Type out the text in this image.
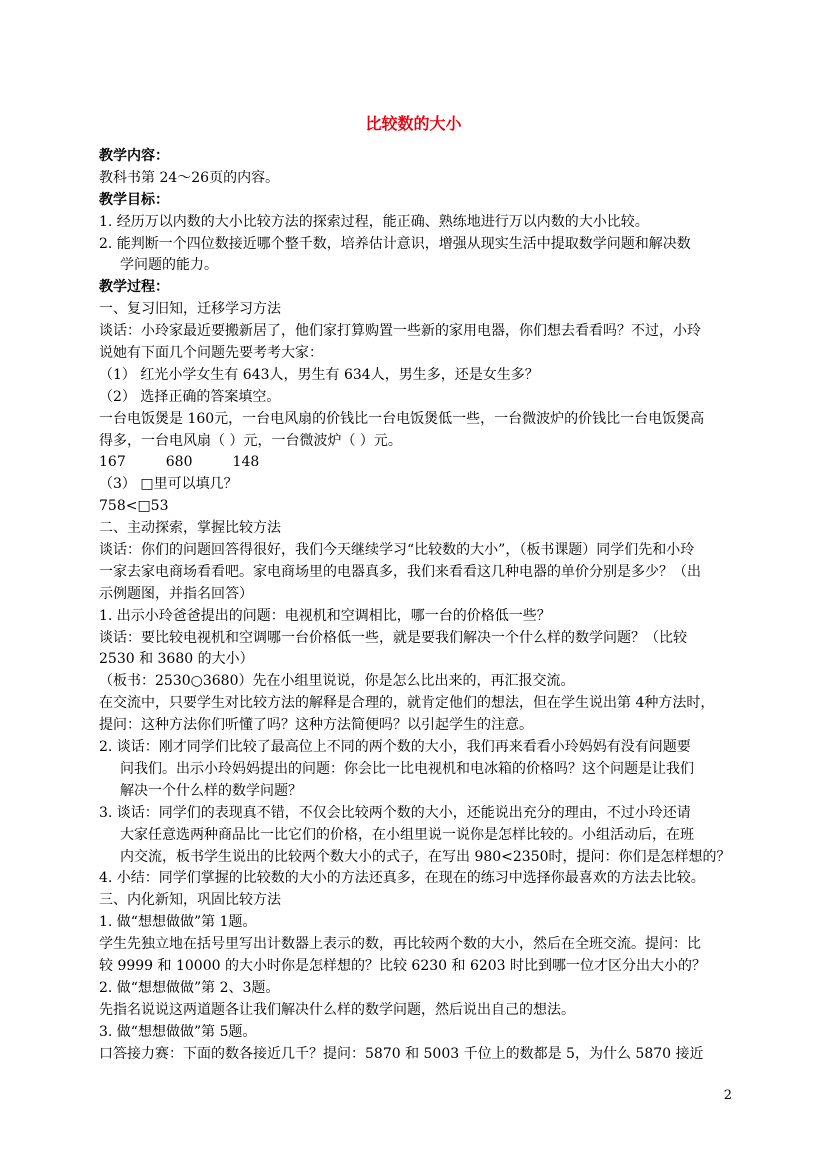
比较数的大小
教学内容：
教科书第 24～26页的内容。
教学目标：
1. 经历万以内数的大小比较方法的探索过程，能正确、熟练地进行万以内数的大小比较。
2. 能判断一个四位数接近哪个整千数，培养估计意识，增强从现实生活中提取数学问题和解决数
学问题的能力。
教学过程：
一、复习旧知，迁移学习方法
谈话：小玲家最近要搬新居了，他们家打算购置一些新的家用电器，你们想去看看吗？不过，小玲
说她有下面几个问题先要考考大家：
（1） 红光小学女生有 643人，男生有 634人，男生多，还是女生多？
（2） 选择正确的答案填空。
一台电饭煲是 160元，一台电风扇的价钱比一台电饭煲低一些，一台微波炉的价钱比一台电饭煲高
得多，一台电风扇（ ）元，一台微波炉（ ）元。
167         680         148
（3） □里可以填几？
758<□53
二、主动探索，掌握比较方法
谈话：你们的问题回答得很好，我们今天继续学习“比较数的大小”，（板书课题）同学们先和小玲
一家去家电商场看看吧。家电商场里的电器真多，我们来看看这几种电器的单价分别是多少？（出
示例题图，并指名回答）
1. 出示小玲爸爸提出的问题：电视机和空调相比，哪一台的价格低一些？
谈话：要比较电视机和空调哪一台价格低一些，就是要我们解决一个什么样的数学问题？（比较
2530 和 3680 的大小）
（板书：2530○3680）先在小组里说说，你是怎么比出来的，再汇报交流。
在交流中，只要学生对比较方法的解释是合理的，就肯定他们的想法，但在学生说出第 4种方法时，
提问：这种方法你们听懂了吗？这种方法简便吗？以引起学生的注意。
2. 谈话：刚才同学们比较了最高位上不同的两个数的大小，我们再来看看小玲妈妈有没有问题要
问我们。出示小玲妈妈提出的问题：你会比一比电视机和电冰箱的价格吗？这个问题是让我们
解决一个什么样的数学问题？
3. 谈话：同学们的表现真不错，不仅会比较两个数的大小，还能说出充分的理由，不过小玲还请
大家任意选两种商品比一比它们的价格，在小组里说一说你是怎样比较的。小组活动后，在班
内交流，板书学生说出的比较两个数大小的式子，在写出 980<2350时，提问：你们是怎样想的？
4. 小结：同学们掌握的比较数的大小的方法还真多，在现在的练习中选择你最喜欢的方法去比较。
三、内化新知，巩固比较方法
1. 做“想想做做”第 1题。
学生先独立地在括号里写出计数器上表示的数，再比较两个数的大小，然后在全班交流。提问：比
较 9999 和 10000 的大小时你是怎样想的？比较 6230 和 6203 时比到哪一位才区分出大小的？
2. 做“想想做做”第 2、3题。
先指名说说这两道题各让我们解决什么样的数学问题，然后说出自己的想法。
3. 做“想想做做”第 5题。
口答接力赛：下面的数各接近几千？提问：5870 和 5003 千位上的数都是 5，为什么 5870 接近
2
